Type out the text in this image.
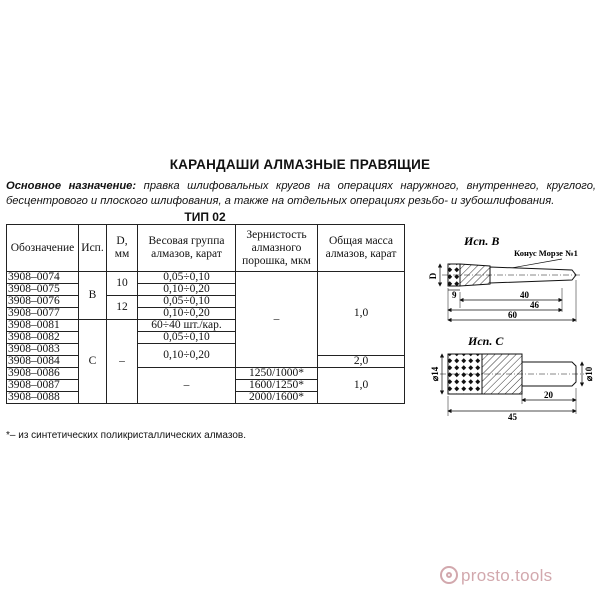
КАРАНДАШИ АЛМАЗНЫЕ ПРАВЯЩИЕ
Основное назначение: правка шлифовальных кругов на операциях наружного, внутреннего, круглого, бесцентрового и плоского шлифования, а также на отдельных операциях резьбо- и зубошлифования.
ТИП 02
Обозначение	Исп.	D, мм	Весовая группа алмазов, карат	Зернистость алмазного порошка, мкм	Общая масса алмазов, карат
3908–0074	B	10	0,05÷0,10	–	1,0
3908–0075			0,10÷0,20		
3908–0076		12	0,05÷0,10		
3908–0077			0,10÷0,20		
3908–0081	C	–	60÷40 шт./кар.		
3908–0082			0,05÷0,10		
3908–0083			0,10÷0,20		
3908–0084					2,0
3908–0086			–	1250/1000*	1,0
3908–0087				1600/1250*	
3908–0088				2000/1600*	
*– из синтетических поликристаллических алмазов.
Исп. B
Конус Морзе №1
D
9	40
46
60
Исп. C
⌀14	⌀10
20
45
prosto.tools
